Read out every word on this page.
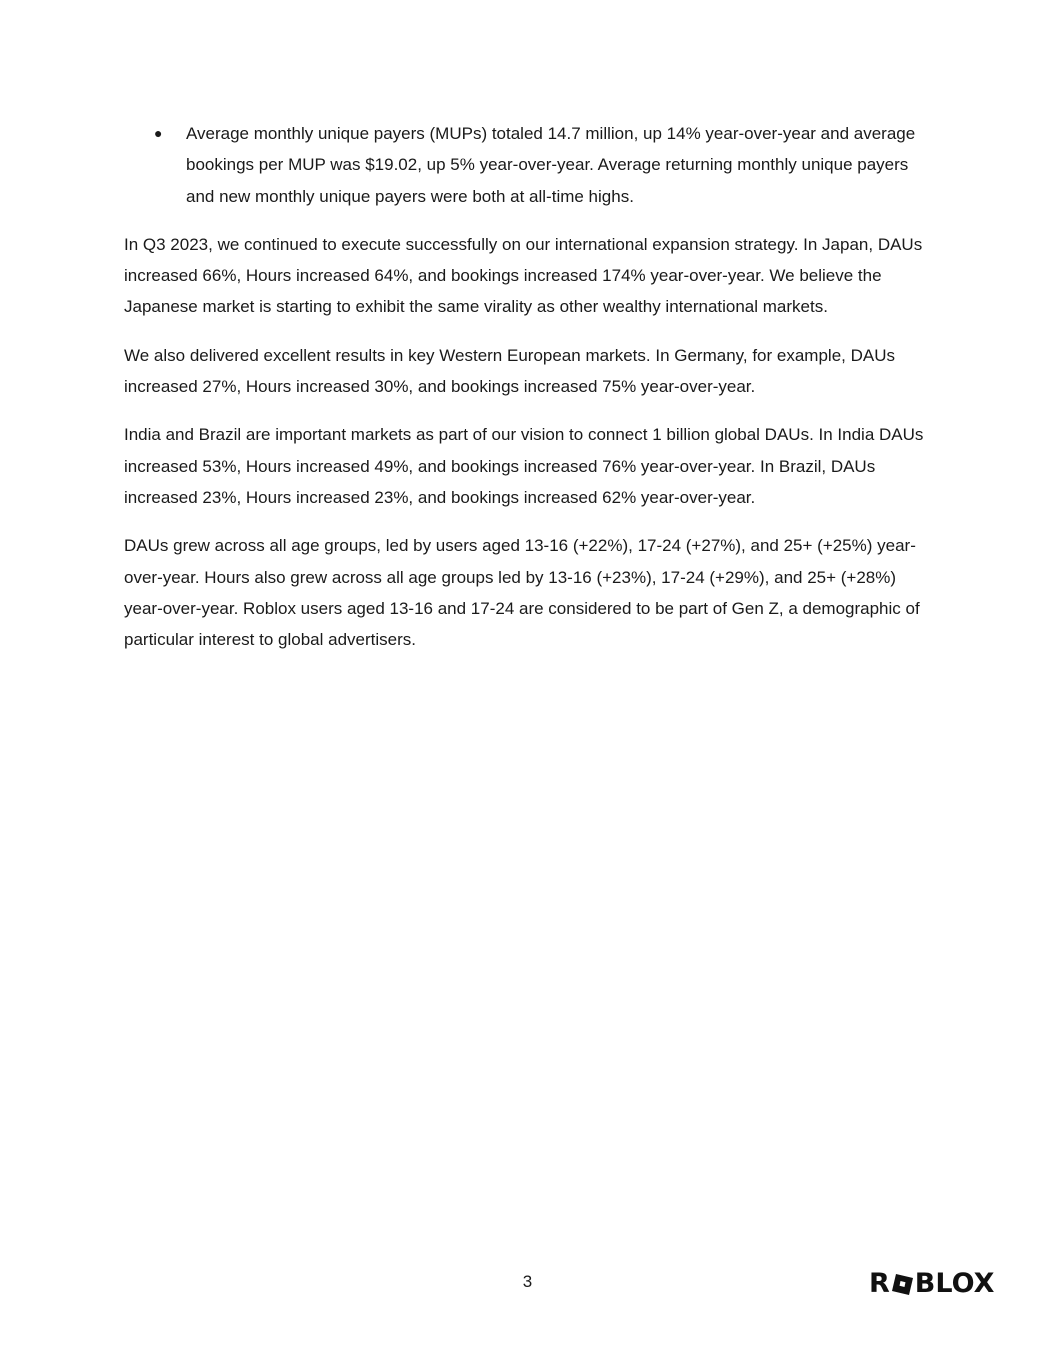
● Average monthly unique payers (MUPs) totaled 14.7 million, up 14% year-over-year and average bookings per MUP was $19.02, up 5% year-over-year. Average returning monthly unique payers and new monthly unique payers were both at all-time highs.

In Q3 2023, we continued to execute successfully on our international expansion strategy. In Japan, DAUs increased 66%, Hours increased 64%, and bookings increased 174% year-over-year. We believe the Japanese market is starting to exhibit the same virality as other wealthy international markets.

We also delivered excellent results in key Western European markets. In Germany, for example, DAUs increased 27%, Hours increased 30%, and bookings increased 75% year-over-year.

India and Brazil are important markets as part of our vision to connect 1 billion global DAUs. In India DAUs increased 53%, Hours increased 49%, and bookings increased 76% year-over-year. In Brazil, DAUs increased 23%, Hours increased 23%, and bookings increased 62% year-over-year.

DAUs grew across all age groups, led by users aged 13-16 (+22%), 17-24 (+27%), and 25+ (+25%) year-over-year. Hours also grew across all age groups led by 13-16 (+23%), 17-24 (+29%), and 25+ (+28%) year-over-year. Roblox users aged 13-16 and 17-24 are considered to be part of Gen Z, a demographic of particular interest to global advertisers.

3	R BLOX
